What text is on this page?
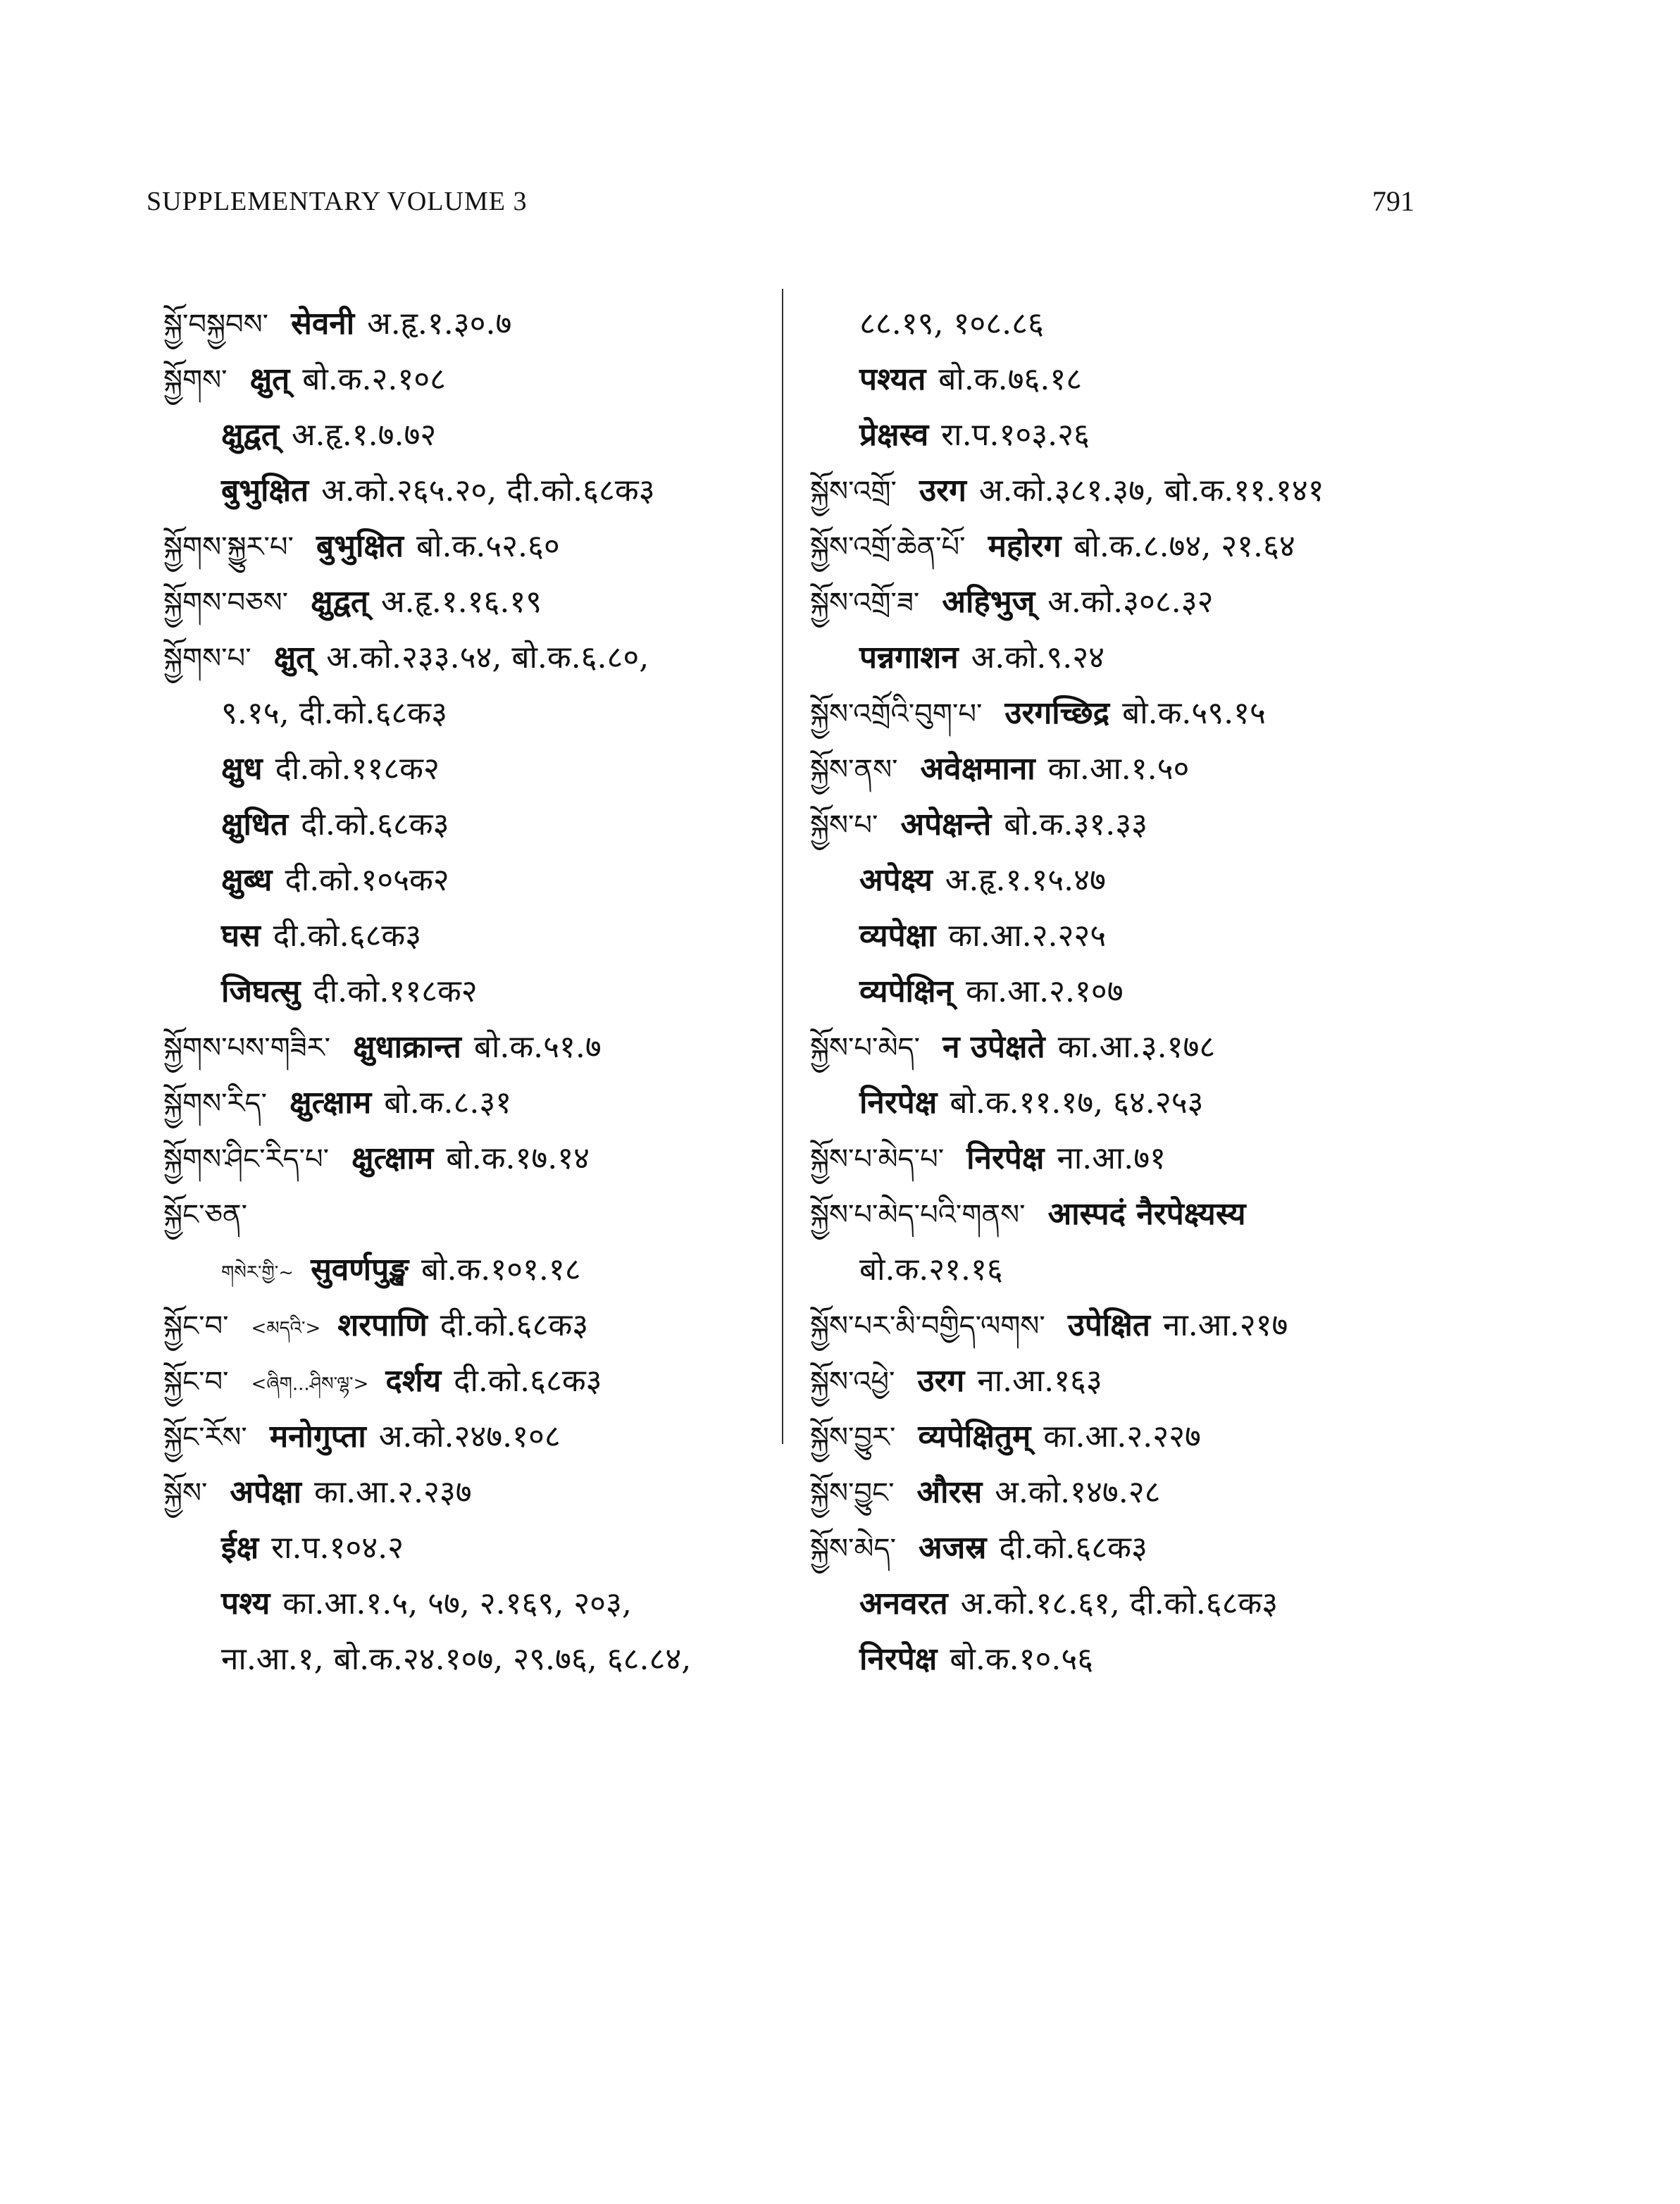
SUPPLEMENTARY VOLUME 3	791
སྐྱོ་བསྐྱབས་ सेवनी अ.हृ.१.३०.७
སྐྱོགས་ क्षुत् बो.क.२.१०८
क्षुद्वत् अ.हृ.१.७.७२
बुभुक्षित अ.को.२६५.२०, दी.को.६८क३
སྐྱོགས་སྐྱུར་པ་ बुभुक्षित बो.क.५२.६०
སྐྱོགས་བཅས་ क्षुद्वत् अ.हृ.१.१६.१९
སྐྱོགས་པ་ क्षुत् अ.को.२३३.५४, बो.क.६.८०,
९.१५, दी.को.६८क३
क्षुध दी.को.११८क२
क्षुधित दी.को.६८क३
क्षुब्ध दी.को.१०५क२
घस दी.को.६८क३
जिघत्सु दी.को.११८क२
སྐྱོགས་པས་གཟིར་ क्षुधाक्रान्त बो.क.५१.७
སྐྱོགས་རིད་ क्षुत्क्षाम बो.क.८.३१
སྐྱོགས་ཤིང་རིད་པ་ क्षुत्क्षाम बो.क.१७.१४
སྐྱོང་ཅན་
གསེར་གྱི་~ सुवर्णपुङ्ख बो.क.१०१.१८
སྐྱོང་བ་ <མདའི་> शरपाणि दी.को.६८क३
སྐྱོང་བ་ <ཞིག...ཤིས་ལྷ་> दर्शय दी.को.६८क३
སྐྱོང་རོས་ मनोगुप्ता अ.को.२४७.१०८
སྐྱོས་ अपेक्षा का.आ.२.२३७
ईक्ष रा.प.१०४.२
पश्य का.आ.१.५, ५७, २.१६९, २०३,
ना.आ.१, बो.क.२४.१०७, २९.७६, ६८.८४,
८८.१९, १०८.८६
पश्यत बो.क.७६.१८
प्रेक्षस्व रा.प.१०३.२६
སྐྱོས་འགྲོ་ उरग अ.को.३८१.३७, बो.क.११.१४१
སྐྱོས་འགྲོ་ཆེན་པོ་ महोरग बो.क.८.७४, २१.६४
སྐྱོས་འགྲོ་ཟ་ अहिभुज् अ.को.३०८.३२
पन्नगाशन अ.को.९.२४
སྐྱོས་འགྲོའི་བུག་པ་ उरगच्छिद्र बो.क.५९.१५
སྐྱོས་ནས་ अवेक्षमाना का.आ.१.५०
སྐྱོས་པ་ अपेक्षन्ते बो.क.३१.३३
अपेक्ष्य अ.हृ.१.१५.४७
व्यपेक्षा का.आ.२.२२५
व्यपेक्षिन् का.आ.२.१०७
སྐྱོས་པ་མེད་ न उपेक्षते का.आ.३.१७८
निरपेक्ष बो.क.११.१७, ६४.२५३
སྐྱོས་པ་མེད་པ་ निरपेक्ष ना.आ.७१
སྐྱོས་པ་མེད་པའི་གནས་ आस्पदं नैरपेक्ष्यस्य
बो.क.२१.१६
སྐྱོས་པར་མི་བགྱིད་ལགས་ उपेक्षित ना.आ.२१७
སྐྱོས་འཕྱེ་ उरग ना.आ.१६३
སྐྱོས་བྱུར་ व्यपेक्षितुम् का.आ.२.२२७
སྐྱོས་བྱུང་ औरस अ.को.१४७.२८
སྐྱོས་མེད་ अजस्र दी.को.६८क३
अनवरत अ.को.१८.६१, दी.को.६८क३
निरपेक्ष बो.क.१०.५६
